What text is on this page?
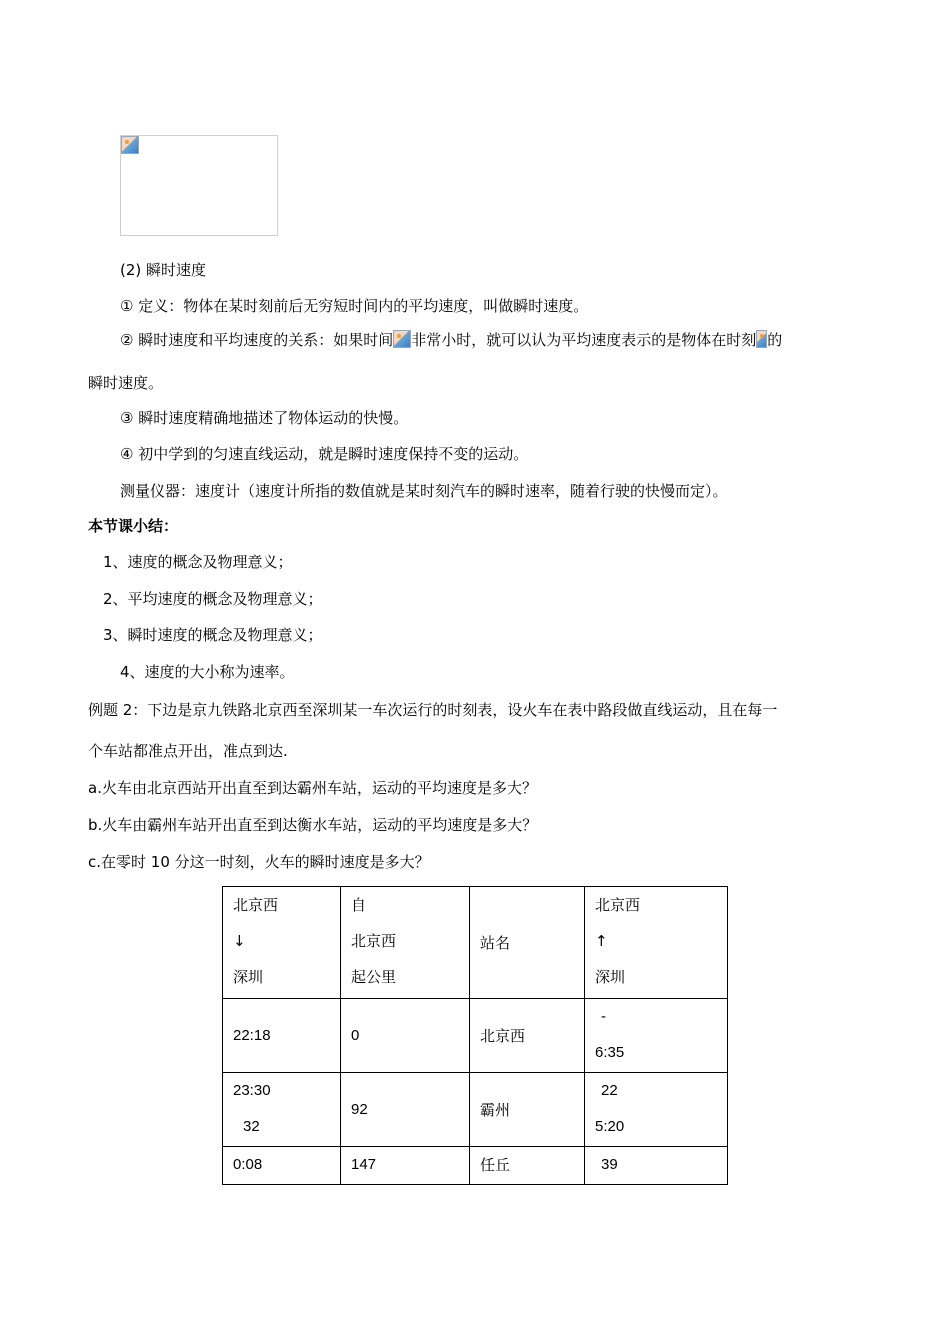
(2) 瞬时速度
① 定义：物体在某时刻前后无穷短时间内的平均速度，叫做瞬时速度。
② 瞬时速度和平均速度的关系：如果时间 非常小时，就可以认为平均速度表示的是物体在时刻 的
瞬时速度。
③ 瞬时速度精确地描述了物体运动的快慢。
④ 初中学到的匀速直线运动，就是瞬时速度保持不变的运动。
测量仪器：速度计（速度计所指的数值就是某时刻汽车的瞬时速率，随着行驶的快慢而定）。
本节课小结：
1、速度的概念及物理意义；
2、平均速度的概念及物理意义；
3、瞬时速度的概念及物理意义；
4、速度的大小称为速率。
例题 2：下边是京九铁路北京西至深圳某一车次运行的时刻表，设火车在表中路段做直线运动，且在每一
个车站都准点开出，准点到达.
a.火车由北京西站开出直至到达霸州车站，运动的平均速度是多大？
b.火车由霸州车站开出直至到达衡水车站，运动的平均速度是多大？
c.在零时 10 分这一时刻，火车的瞬时速度是多大？
北京西
↓
深圳	自
北京西
起公里	站名	北京西
↑
深圳

22:18	0	北京西	-
6:35

23:30
32	92	霸州	22
5:20

0:08	147	任丘	39
